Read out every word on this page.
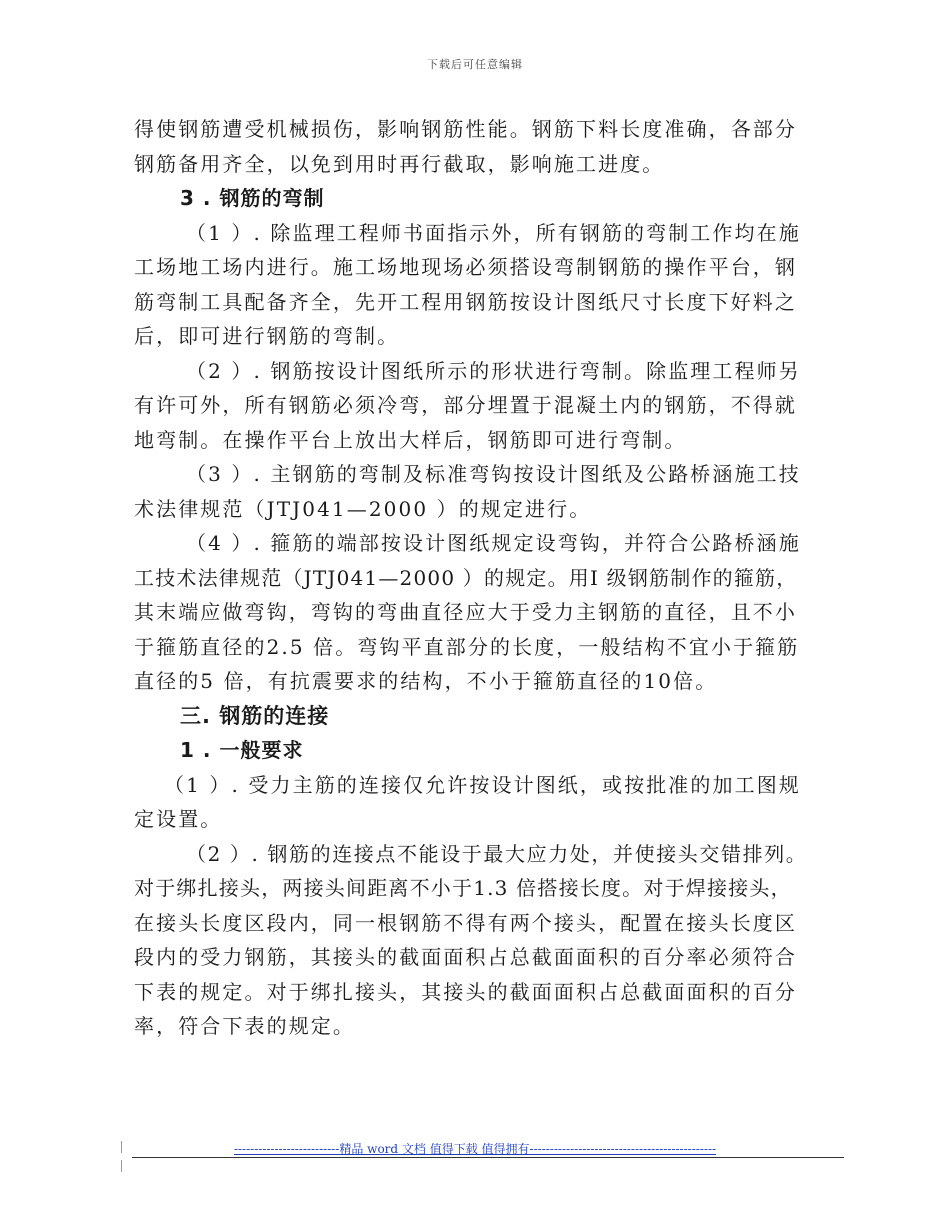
下载后可任意编辑
得使钢筋遭受机械损伤，影响钢筋性能。钢筋下料长度准确，各部分
钢筋备用齐全，以免到用时再行截取，影响施工进度。
3 . 钢筋的弯制
（1 ）. 除监理工程师书面指示外，所有钢筋的弯制工作均在施
工场地工场内进行。施工场地现场必须搭设弯制钢筋的操作平台，钢
筋弯制工具配备齐全，先开工程用钢筋按设计图纸尺寸长度下好料之
后，即可进行钢筋的弯制。
（2 ）. 钢筋按设计图纸所示的形状进行弯制。除监理工程师另
有许可外，所有钢筋必须冷弯，部分埋置于混凝土内的钢筋，不得就
地弯制。在操作平台上放出大样后，钢筋即可进行弯制。
（3 ）. 主钢筋的弯制及标准弯钩按设计图纸及公路桥涵施工技
术法律规范（JTJ041—2000 ）的规定进行。
（4 ）. 箍筋的端部按设计图纸规定设弯钩，并符合公路桥涵施
工技术法律规范（JTJ041—2000 ）的规定。用I 级钢筋制作的箍筋，
其末端应做弯钩，弯钩的弯曲直径应大于受力主钢筋的直径，且不小
于箍筋直径的2.5 倍。弯钩平直部分的长度，一般结构不宜小于箍筋
直径的5 倍，有抗震要求的结构，不小于箍筋直径的10倍。
三. 钢筋的连接
1 . 一般要求
（1 ）. 受力主筋的连接仅允许按设计图纸，或按批准的加工图规
定设置。
（2 ）. 钢筋的连接点不能设于最大应力处，并使接头交错排列。
对于绑扎接头，两接头间距离不小于1.3 倍搭接长度。对于焊接接头，
在接头长度区段内，同一根钢筋不得有两个接头，配置在接头长度区
段内的受力钢筋，其接头的截面面积占总截面面积的百分率必须符合
下表的规定。对于绑扎接头，其接头的截面面积占总截面面积的百分
率，符合下表的规定。
--------------------------精品 word 文档 值得下载 值得拥有----------------------------------------------
